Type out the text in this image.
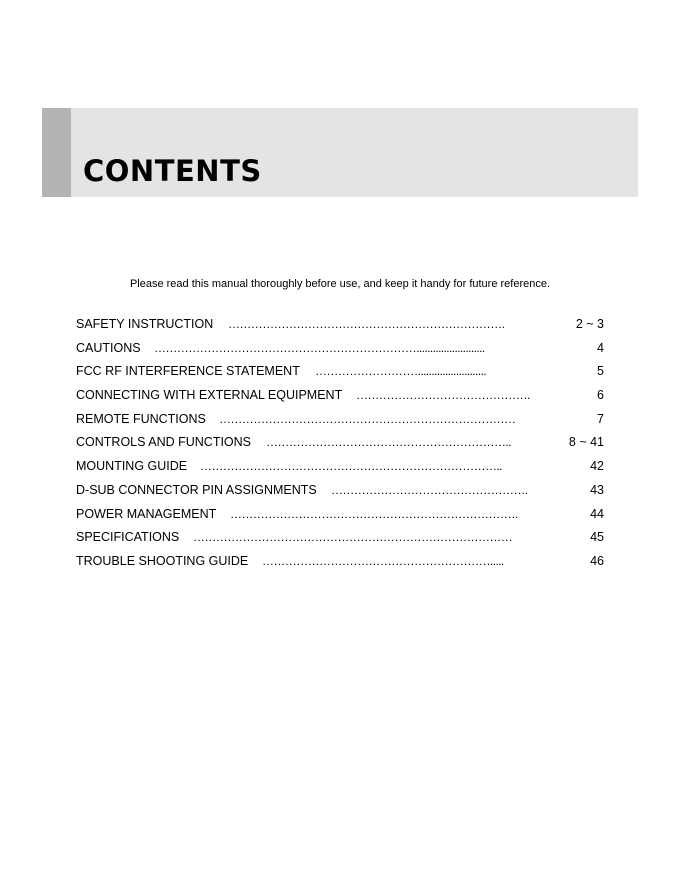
CONTENTS
Please read this manual thoroughly before use, and keep it handy for future reference.
SAFETY INSTRUCTION ……………………………………………………………….	2 ~ 3
CAUTIONS …………………………………………………………….........................	4
FCC RF INTERFERENCE STATEMENT ……………………….........................	5
CONNECTING WITH EXTERNAL EQUIPMENT ……………………………………….	6
REMOTE FUNCTIONS ……………………………………………………………………	7
CONTROLS AND FUNCTIONS ………………………………………………………..	8 ~ 41
MOUNTING GUIDE ……………………………………………………………………..	42
D-SUB CONNECTOR PIN ASSIGNMENTS …………………………………………….	43
POWER MANAGEMENT ………………………………………………………………….	44
SPECIFICATIONS …………………………………………………………………………	45
TROUBLE SHOOTING GUIDE …………………………………………………….....	46
